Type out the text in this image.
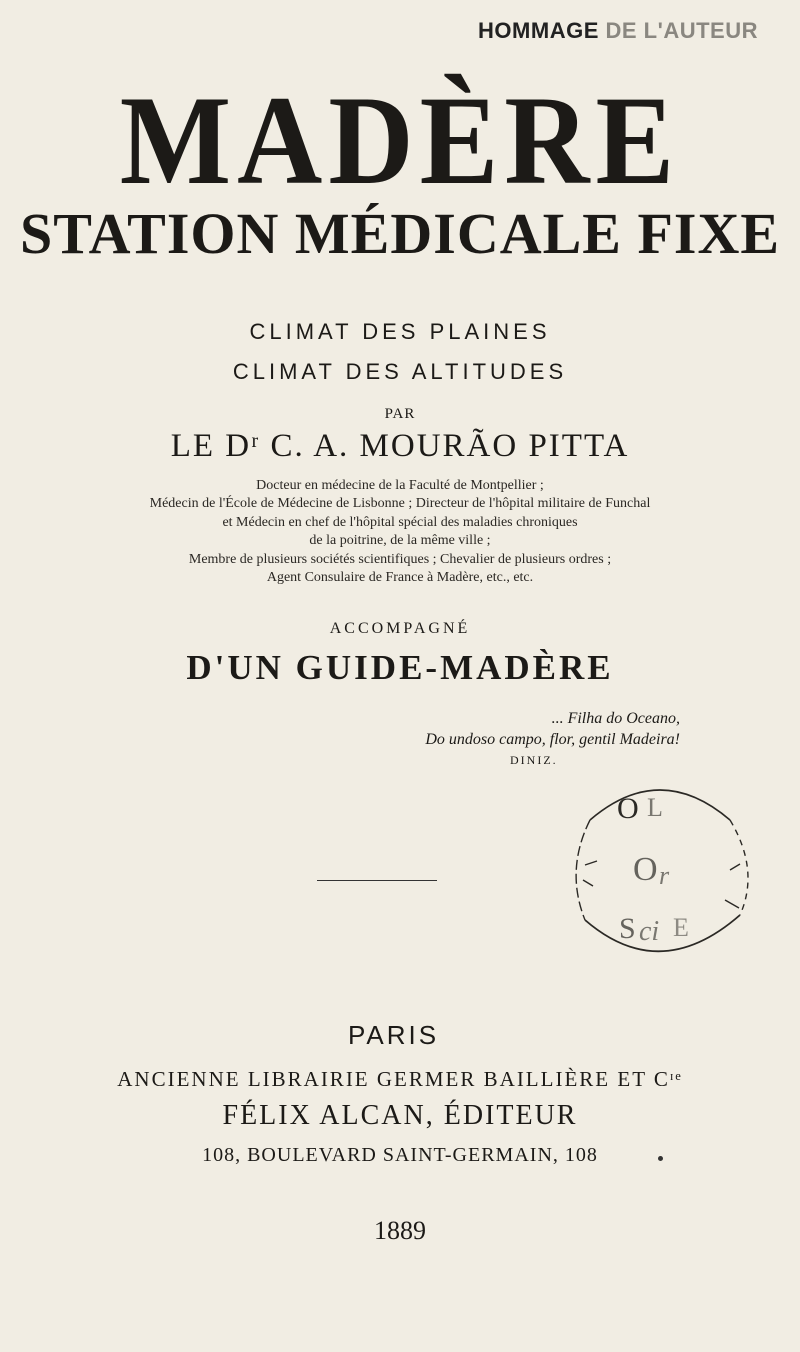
HOMMAGE DE L'AUTEUR
MADÈRE
STATION MÉDICALE FIXE
CLIMAT DES PLAINES
CLIMAT DES ALTITUDES
PAR
LE Dʳ C. A. MOURÃO PITTA
Docteur en médecine de la Faculté de Montpellier ;
Médecin de l'École de Médecine de Lisbonne ; Directeur de l'hôpital militaire de Funchal
et Médecin en chef de l'hôpital spécial des maladies chroniques
de la poitrine, de la même ville ;
Membre de plusieurs sociétés scientifiques ; Chevalier de plusieurs ordres ;
Agent Consulaire de France à Madère, etc., etc.
ACCOMPAGNÉ
D'UN GUIDE-MADÈRE
... Filha do Oceano,
Do undoso campo, flor, gentil Madeira!
DINIZ.
O L
O r
S ci E
PARIS
ANCIENNE LIBRAIRIE GERMER BAILLIÈRE ET Cᶦᵉ
FÉLIX ALCAN, ÉDITEUR
108, BOULEVARD SAINT-GERMAIN, 108
1889
